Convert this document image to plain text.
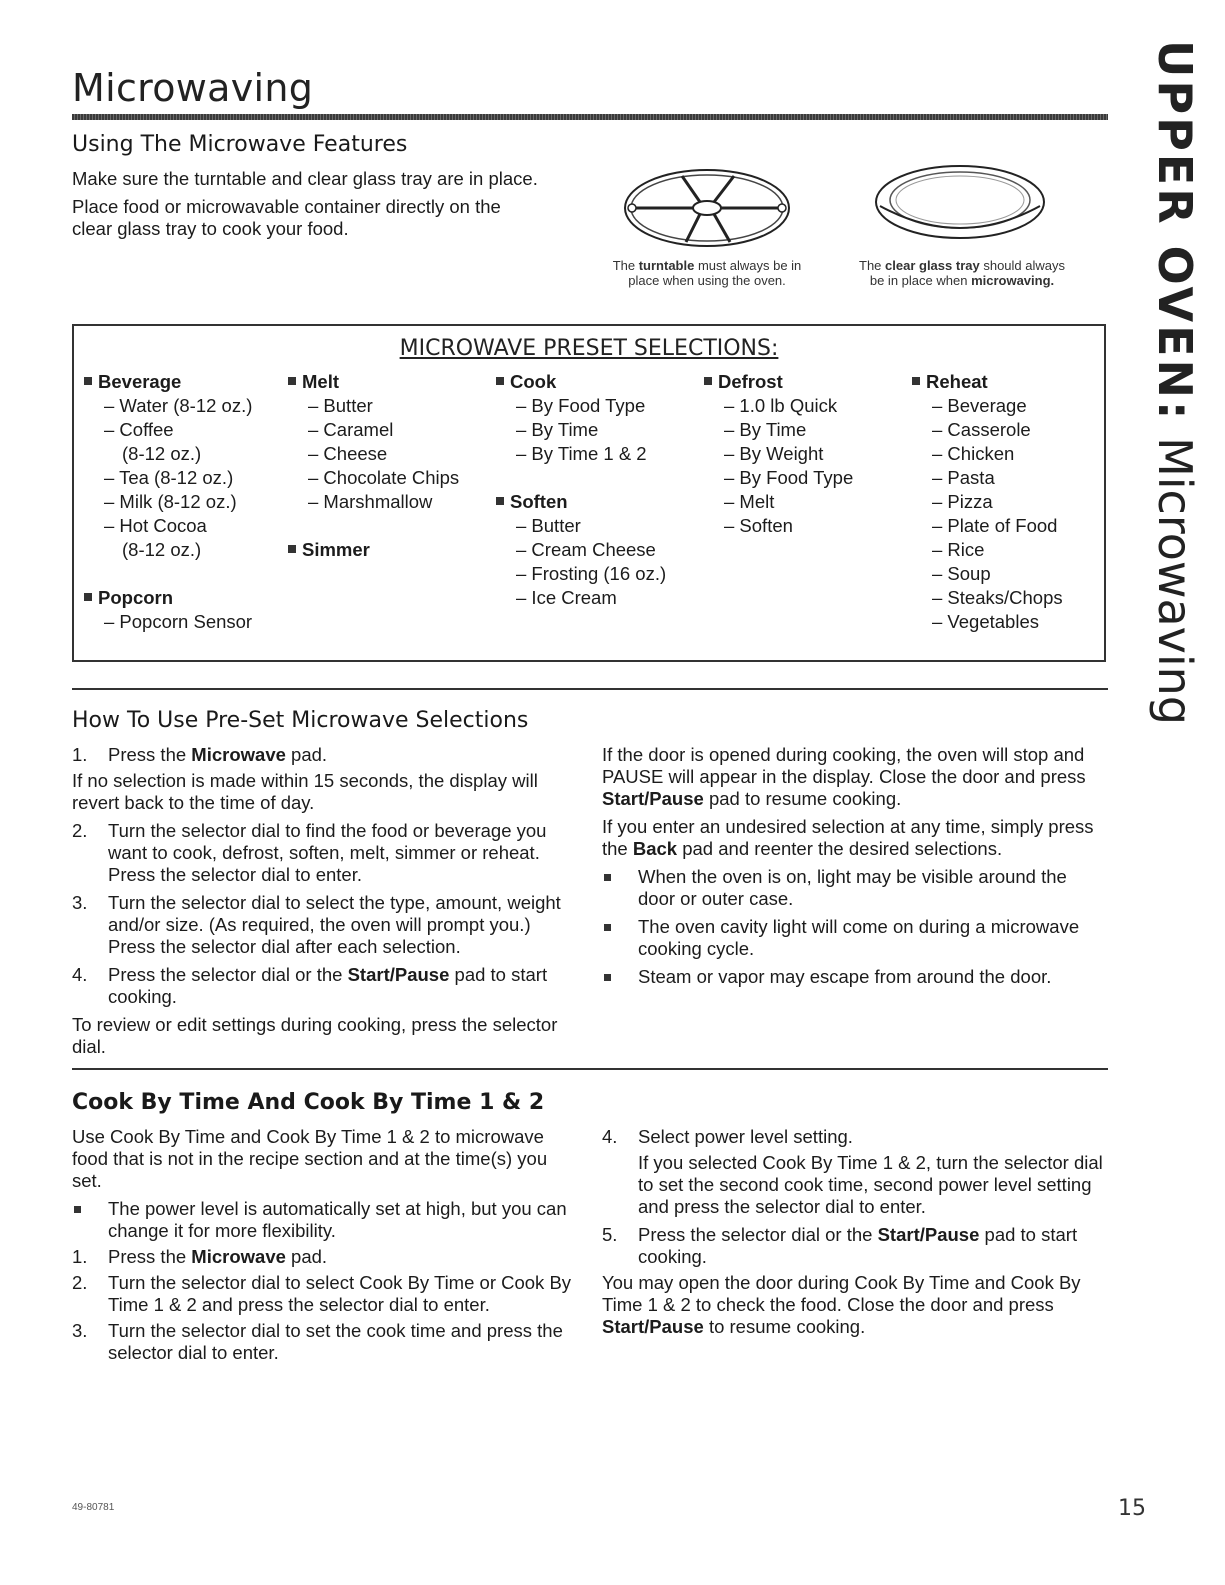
Microwaving	UPPER OVEN: Microwaving
Using The Microwave Features
Make sure the turntable and clear glass tray are in place.
Place food or microwavable container directly on the
clear glass tray to cook your food.
The turntable must always be in
place when using the oven.
The clear glass tray should always
be in place when microwaving.
MICROWAVE PRESET SELECTIONS:
Beverage
– Water (8-12 oz.)
– Coffee
(8-12 oz.)
– Tea (8-12 oz.)
– Milk (8-12 oz.)
– Hot Cocoa
(8-12 oz.)
Popcorn
– Popcorn Sensor
Melt
– Butter
– Caramel
– Cheese
– Chocolate Chips
– Marshmallow
Simmer
Cook
– By Food Type
– By Time
– By Time 1 & 2
Soften
– Butter
– Cream Cheese
– Frosting (16 oz.)
– Ice Cream
Defrost
– 1.0 lb Quick
– By Time
– By Weight
– By Food Type
– Melt
– Soften
Reheat
– Beverage
– Casserole
– Chicken
– Pasta
– Pizza
– Plate of Food
– Rice
– Soup
– Steaks/Chops
– Vegetables
How To Use Pre-Set Microwave Selections
1. Press the Microwave pad.
If no selection is made within 15 seconds, the display will revert back to the time of day.
2. Turn the selector dial to find the food or beverage you want to cook, defrost, soften, melt, simmer or reheat. Press the selector dial to enter.
3. Turn the selector dial to select the type, amount, weight and/or size. (As required, the oven will prompt you.) Press the selector dial after each selection.
4. Press the selector dial or the Start/Pause pad to start cooking.
To review or edit settings during cooking, press the selector dial.
If the door is opened during cooking, the oven will stop and PAUSE will appear in the display. Close the door and press Start/Pause pad to resume cooking.
If you enter an undesired selection at any time, simply press the Back pad and reenter the desired selections.
When the oven is on, light may be visible around the door or outer case.
The oven cavity light will come on during a microwave cooking cycle.
Steam or vapor may escape from around the door.
Cook By Time And Cook By Time 1 & 2
Use Cook By Time and Cook By Time 1 & 2 to microwave food that is not in the recipe section and at the time(s) you set.
The power level is automatically set at high, but you can change it for more flexibility.
1. Press the Microwave pad.
2. Turn the selector dial to select Cook By Time or Cook By Time 1 & 2 and press the selector dial to enter.
3. Turn the selector dial to set the cook time and press the selector dial to enter.
4. Select power level setting.
If you selected Cook By Time 1 & 2, turn the selector dial to set the second cook time, second power level setting and press the selector dial to enter.
5. Press the selector dial or the Start/Pause pad to start cooking.
You may open the door during Cook By Time and Cook By Time 1 & 2 to check the food. Close the door and press Start/Pause to resume cooking.
49-80781	15
